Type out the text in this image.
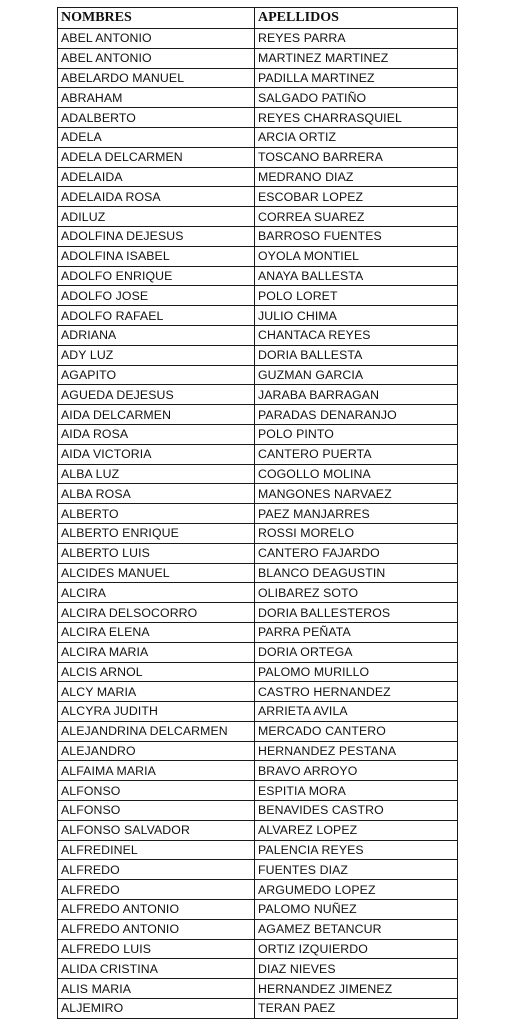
NOMBRES	APELLIDOS
ABEL ANTONIO	REYES PARRA
ABEL ANTONIO	MARTINEZ MARTINEZ
ABELARDO MANUEL	PADILLA MARTINEZ
ABRAHAM	SALGADO PATIÑO
ADALBERTO	REYES CHARRASQUIEL
ADELA	ARCIA ORTIZ
ADELA DELCARMEN	TOSCANO BARRERA
ADELAIDA	MEDRANO DIAZ
ADELAIDA ROSA	ESCOBAR LOPEZ
ADILUZ	CORREA SUAREZ
ADOLFINA DEJESUS	BARROSO FUENTES
ADOLFINA ISABEL	OYOLA MONTIEL
ADOLFO ENRIQUE	ANAYA BALLESTA
ADOLFO JOSE	POLO LORET
ADOLFO RAFAEL	JULIO CHIMA
ADRIANA	CHANTACA REYES
ADY LUZ	DORIA BALLESTA
AGAPITO	GUZMAN GARCIA
AGUEDA DEJESUS	JARABA BARRAGAN
AIDA DELCARMEN	PARADAS DENARANJO
AIDA ROSA	POLO PINTO
AIDA VICTORIA	CANTERO PUERTA
ALBA LUZ	COGOLLO MOLINA
ALBA ROSA	MANGONES NARVAEZ
ALBERTO	PAEZ MANJARRES
ALBERTO ENRIQUE	ROSSI MORELO
ALBERTO LUIS	CANTERO FAJARDO
ALCIDES MANUEL	BLANCO DEAGUSTIN
ALCIRA	OLIBAREZ SOTO
ALCIRA DELSOCORRO	DORIA BALLESTEROS
ALCIRA ELENA	PARRA PEÑATA
ALCIRA MARIA	DORIA ORTEGA
ALCIS ARNOL	PALOMO MURILLO
ALCY MARIA	CASTRO HERNANDEZ
ALCYRA JUDITH	ARRIETA AVILA
ALEJANDRINA DELCARMEN	MERCADO CANTERO
ALEJANDRO	HERNANDEZ PESTANA
ALFAIMA MARIA	BRAVO ARROYO
ALFONSO	ESPITIA MORA
ALFONSO	BENAVIDES CASTRO
ALFONSO SALVADOR	ALVAREZ LOPEZ
ALFREDINEL	PALENCIA REYES
ALFREDO	FUENTES DIAZ
ALFREDO	ARGUMEDO LOPEZ
ALFREDO ANTONIO	PALOMO NUÑEZ
ALFREDO ANTONIO	AGAMEZ BETANCUR
ALFREDO LUIS	ORTIZ IZQUIERDO
ALIDA CRISTINA	DIAZ NIEVES
ALIS MARIA	HERNANDEZ JIMENEZ
ALJEMIRO	TERAN PAEZ
